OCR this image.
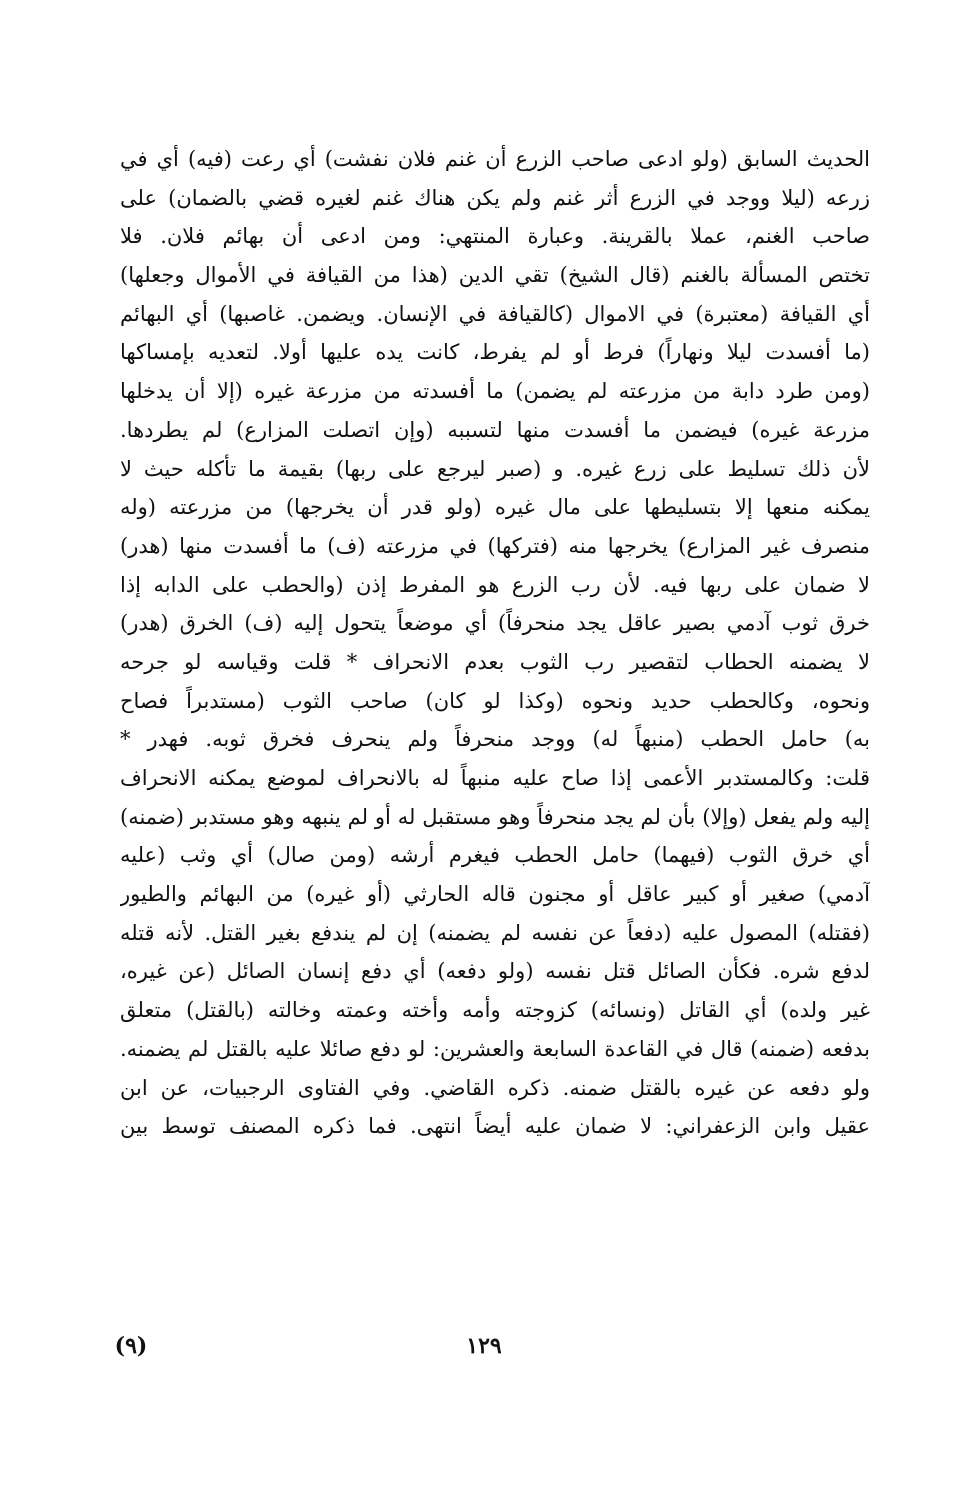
الحديث السابق (ولو ادعى صاحب الزرع أن غنم فلان نفشت) أي رعت (فيه) أي في
زرعه (ليلا ووجد في الزرع أثر غنم ولم يكن هناك غنم لغيره قضي بالضمان) على
صاحب الغنم، عملا بالقرينة. وعبارة المنتهي: ومن ادعى أن بهائم فلان. فلا
تختص المسألة بالغنم (قال الشيخ) تقي الدين (هذا من القيافة في الأموال وجعلها)
أي القيافة (معتبرة) في الاموال (كالقيافة في الإنسان. ويضمن. غاصبها) أي البهائم
(ما أفسدت ليلا ونهاراً) فرط أو لم يفرط، كانت يده عليها أولا. لتعديه بإمساكها
(ومن طرد دابة من مزرعته لم يضمن) ما أفسدته من مزرعة غيره (إلا أن يدخلها
مزرعة غيره) فيضمن ما أفسدت منها لتسببه (وإن اتصلت المزارع) لم يطردها.
لأن ذلك تسليط على زرع غيره. و (صبر ليرجع على ربها) بقيمة ما تأكله حيث لا
يمكنه منعها إلا بتسليطها على مال غيره (ولو قدر أن يخرجها) من مزرعته (وله
منصرف غير المزارع) يخرجها منه (فتركها) في مزرعته (ف) ما أفسدت منها (هدر)
لا ضمان على ربها فيه. لأن رب الزرع هو المفرط إذن (والحطب على الدابه إذا
خرق ثوب آدمي بصير عاقل يجد منحرفاً) أي موضعاً يتحول إليه (ف) الخرق (هدر)
لا يضمنه الحطاب لتقصير رب الثوب بعدم الانحراف * قلت وقياسه لو جرحه
ونحوه، وكالحطب حديد ونحوه (وكذا لو كان) صاحب الثوب (مستدبراً فصاح
به) حامل الحطب (منبهاً له) ووجد منحرفاً ولم ينحرف فخرق ثوبه. فهدر *
قلت: وكالمستدبر الأعمى إذا صاح عليه منبهاً له بالانحراف لموضع يمكنه الانحراف
إليه ولم يفعل (وإلا) بأن لم يجد منحرفاً وهو مستقبل له أو لم ينبهه وهو مستدبر (ضمنه)
أي خرق الثوب (فيهما) حامل الحطب فيغرم أرشه (ومن صال) أي وثب (عليه
آدمي) صغير أو كبير عاقل أو مجنون قاله الحارثي (أو غيره) من البهائم والطيور
(فقتله) المصول عليه (دفعاً عن نفسه لم يضمنه) إن لم يندفع بغير القتل. لأنه قتله
لدفع شره. فكأن الصائل قتل نفسه (ولو دفعه) أي دفع إنسان الصائل (عن غيره،
غير ولده) أي القاتل (ونسائه) كزوجته وأمه وأخته وعمته وخالته (بالقتل) متعلق
بدفعه (ضمنه) قال في القاعدة السابعة والعشرين: لو دفع صائلا عليه بالقتل لم يضمنه.
ولو دفعه عن غيره بالقتل ضمنه. ذكره القاضي. وفي الفتاوى الرجبيات، عن ابن
عقيل وابن الزعفراني: لا ضمان عليه أيضاً انتهى. فما ذكره المصنف توسط بين
(٩)	١٢٩
